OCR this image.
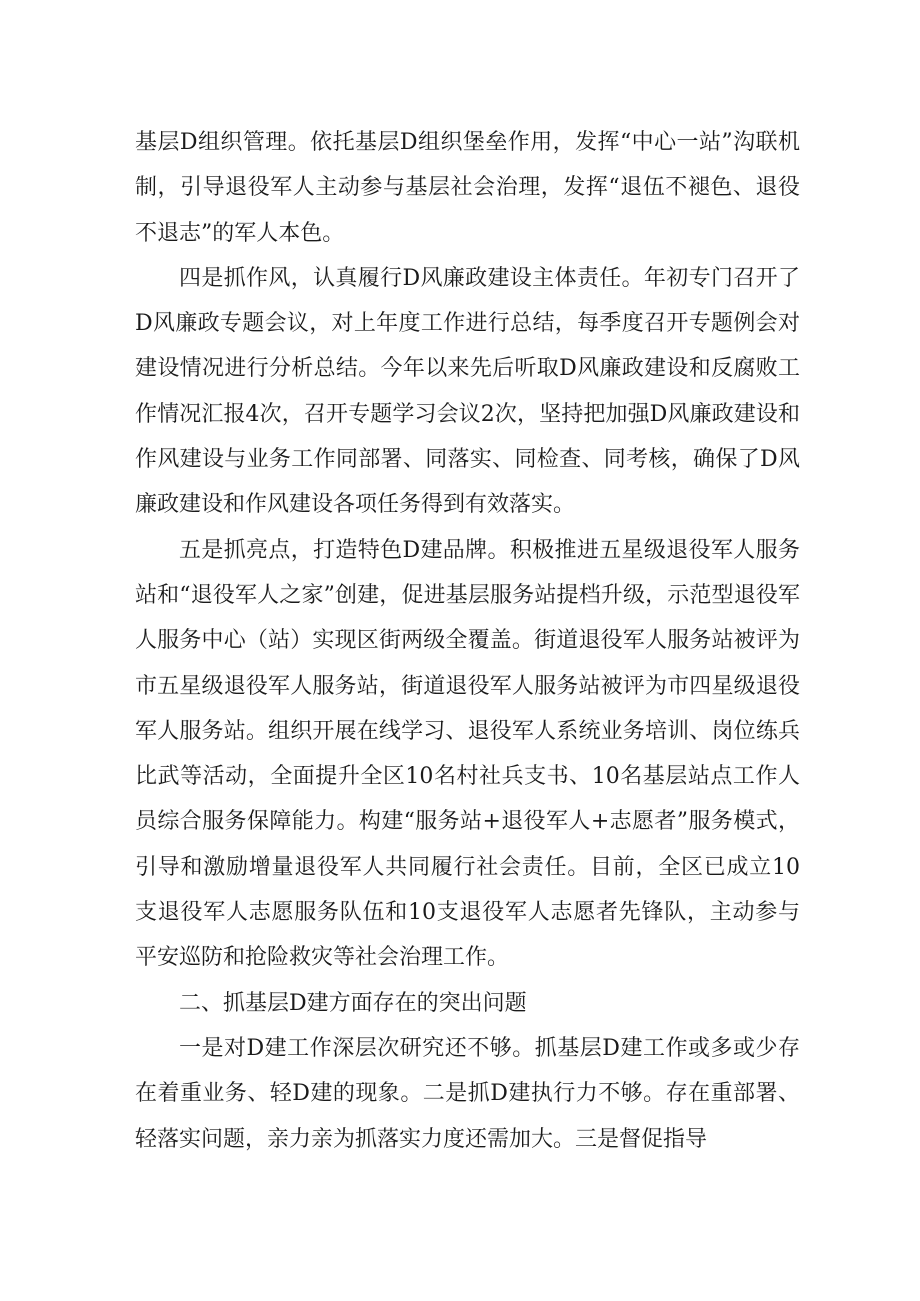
基层D组织管理。依托基层D组织堡垒作用，发挥“中心一站”沟联机制，引导退役军人主动参与基层社会治理，发挥“退伍不褪色、退役不退志”的军人本色。

四是抓作风，认真履行D风廉政建设主体责任。年初专门召开了D风廉政专题会议，对上年度工作进行总结，每季度召开专题例会对建设情况进行分析总结。今年以来先后听取D风廉政建设和反腐败工作情况汇报4次，召开专题学习会议2次，坚持把加强D风廉政建设和作风建设与业务工作同部署、同落实、同检查、同考核，确保了D风廉政建设和作风建设各项任务得到有效落实。

五是抓亮点，打造特色D建品牌。积极推进五星级退役军人服务站和“退役军人之家”创建，促进基层服务站提档升级，示范型退役军人服务中心（站）实现区街两级全覆盖。街道退役军人服务站被评为市五星级退役军人服务站，街道退役军人服务站被评为市四星级退役军人服务站。组织开展在线学习、退役军人系统业务培训、岗位练兵比武等活动，全面提升全区10名村社兵支书、10名基层站点工作人员综合服务保障能力。构建“服务站+退役军人+志愿者”服务模式，引导和激励增量退役军人共同履行社会责任。目前，全区已成立10支退役军人志愿服务队伍和10支退役军人志愿者先锋队，主动参与平安巡防和抢险救灾等社会治理工作。

二、抓基层D建方面存在的突出问题

一是对D建工作深层次研究还不够。抓基层D建工作或多或少存在着重业务、轻D建的现象。二是抓D建执行力不够。存在重部署、轻落实问题，亲力亲为抓落实力度还需加大。三是督促指导
